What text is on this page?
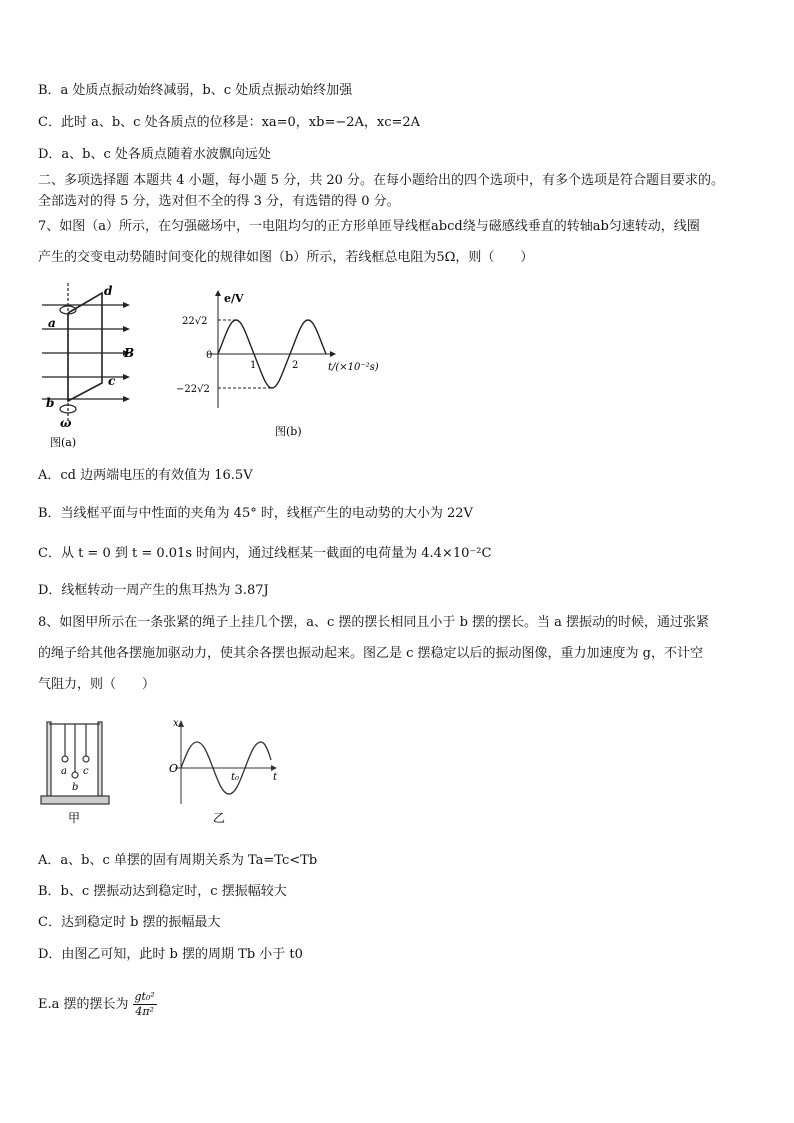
B．a 处质点振动始终减弱，b、c 处质点振动始终加强
C．此时 a、b、c 处各质点的位移是：xa=0，xb=−2A，xc=2A
D．a、b、c 处各质点随着水波飘向远处
二、多项选择题 本题共 4 小题，每小题 5 分，共 20 分。在每小题给出的四个选项中，有多个选项是符合题目要求的。
全部选对的得 5 分，选对但不全的得 3 分，有选错的得 0 分。
7、如图（a）所示，在匀强磁场中，一电阻均匀的正方形单匝导线框abcd绕与磁感线垂直的转轴ab匀速转动，线圈
产生的交变电动势随时间变化的规律如图（b）所示，若线框总电阻为5Ω，则（　　）
d
a
B
c
b
ω
图(a)
e/V
22√2
0
−22√2
1	2	t/(×10⁻²s)
图(b)
A．cd 边两端电压的有效值为 16.5V
B．当线框平面与中性面的夹角为 45° 时，线框产生的电动势的大小为 22V
C．从 t = 0 到 t = 0.01s 时间内，通过线框某一截面的电荷量为 4.4×10⁻²C
D．线框转动一周产生的焦耳热为 3.87J
8、如图甲所示在一条张紧的绳子上挂几个摆，a、c 摆的摆长相同且小于 b 摆的摆长。当 a 摆振动的时候，通过张紧
的绳子给其他各摆施加驱动力，使其余各摆也振动起来。图乙是 c 摆稳定以后的振动图像，重力加速度为 g，不计空
气阻力，则（　　）
a
b
c
甲
x
O
t₀	t
乙
A．a、b、c 单摆的固有周期关系为 Ta=Tc<Tb
B．b、c 摆振动达到稳定时，c 摆振幅较大
C．达到稳定时 b 摆的振幅最大
D．由图乙可知，此时 b 摆的周期 Tb 小于 t0
E.a 摆的摆长为 $\frac{\text{gt₀²}}{\text{4π²}}$
